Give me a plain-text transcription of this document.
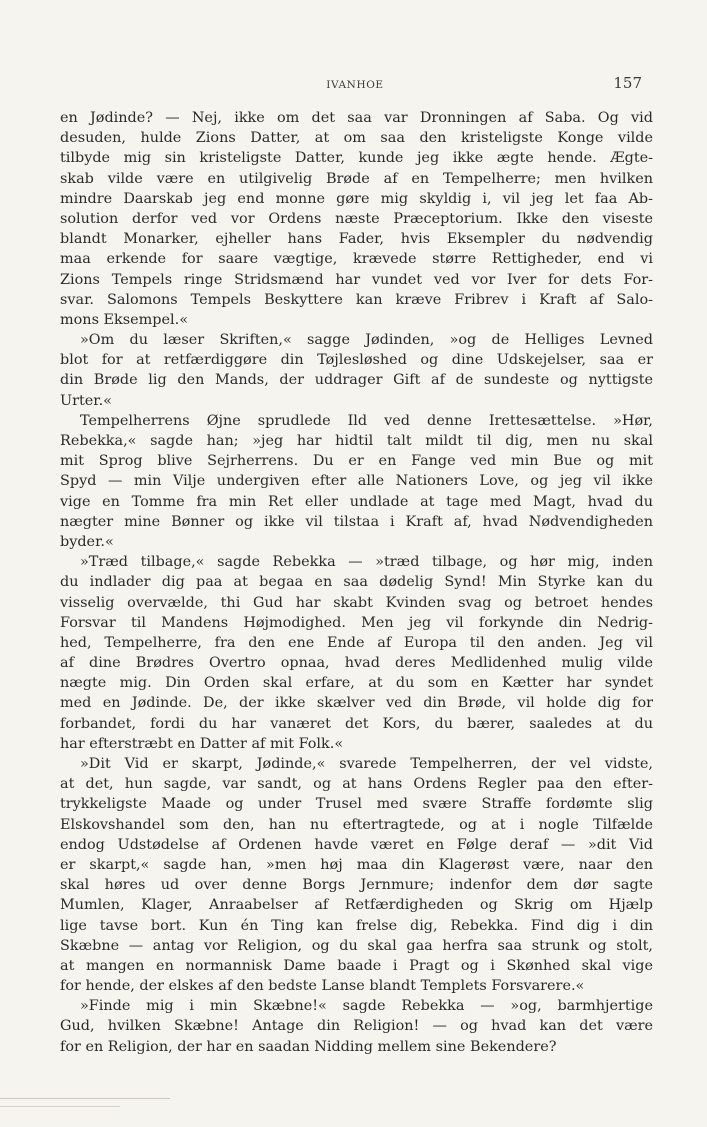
IVANHOE	157
en Jødinde? — Nej, ikke om det saa var Dronningen af Saba. Og vid
desuden, hulde Zions Datter, at om saa den kristeligste Konge vilde
tilbyde mig sin kristeligste Datter, kunde jeg ikke ægte hende. Ægte-
skab vilde være en utilgivelig Brøde af en Tempelherre; men hvilken
mindre Daarskab jeg end monne gøre mig skyldig i, vil jeg let faa Ab-
solution derfor ved vor Ordens næste Præceptorium. Ikke den viseste
blandt Monarker, ejheller hans Fader, hvis Eksempler du nødvendig
maa erkende for saare vægtige, krævede større Rettigheder, end vi
Zions Tempels ringe Stridsmænd har vundet ved vor Iver for dets For-
svar. Salomons Tempels Beskyttere kan kræve Fribrev i Kraft af Salo-
mons Eksempel.«
»Om du læser Skriften,« sagge Jødinden, »og de Helliges Levned
blot for at retfærdiggøre din Tøjlesløshed og dine Udskejelser, saa er
din Brøde lig den Mands, der uddrager Gift af de sundeste og nyttigste
Urter.«
Tempelherrens Øjne sprudlede Ild ved denne Irettesættelse. »Hør,
Rebekka,« sagde han; »jeg har hidtil talt mildt til dig, men nu skal
mit Sprog blive Sejrherrens. Du er en Fange ved min Bue og mit
Spyd — min Vilje undergiven efter alle Nationers Love, og jeg vil ikke
vige en Tomme fra min Ret eller undlade at tage med Magt, hvad du
nægter mine Bønner og ikke vil tilstaa i Kraft af, hvad Nødvendigheden
byder.«
»Træd tilbage,« sagde Rebekka — »træd tilbage, og hør mig, inden
du indlader dig paa at begaa en saa dødelig Synd! Min Styrke kan du
visselig overvælde, thi Gud har skabt Kvinden svag og betroet hendes
Forsvar til Mandens Højmodighed. Men jeg vil forkynde din Nedrig-
hed, Tempelherre, fra den ene Ende af Europa til den anden. Jeg vil
af dine Brødres Overtro opnaa, hvad deres Medlidenhed mulig vilde
nægte mig. Din Orden skal erfare, at du som en Kætter har syndet
med en Jødinde. De, der ikke skælver ved din Brøde, vil holde dig for
forbandet, fordi du har vanæret det Kors, du bærer, saaledes at du
har efterstræbt en Datter af mit Folk.«
»Dit Vid er skarpt, Jødinde,« svarede Tempelherren, der vel vidste,
at det, hun sagde, var sandt, og at hans Ordens Regler paa den efter-
trykkeligste Maade og under Trusel med svære Straffe fordømte slig
Elskovshandel som den, han nu eftertragtede, og at i nogle Tilfælde
endog Udstødelse af Ordenen havde været en Følge deraf — »dit Vid
er skarpt,« sagde han, »men høj maa din Klagerøst være, naar den
skal høres ud over denne Borgs Jernmure; indenfor dem dør sagte
Mumlen, Klager, Anraabelser af Retfærdigheden og Skrig om Hjælp
lige tavse bort. Kun én Ting kan frelse dig, Rebekka. Find dig i din
Skæbne — antag vor Religion, og du skal gaa herfra saa strunk og stolt,
at mangen en normannisk Dame baade i Pragt og i Skønhed skal vige
for hende, der elskes af den bedste Lanse blandt Templets Forsvarere.«
»Finde mig i min Skæbne!« sagde Rebekka — »og, barmhjertige
Gud, hvilken Skæbne! Antage din Religion! — og hvad kan det være
for en Religion, der har en saadan Nidding mellem sine Bekendere?
